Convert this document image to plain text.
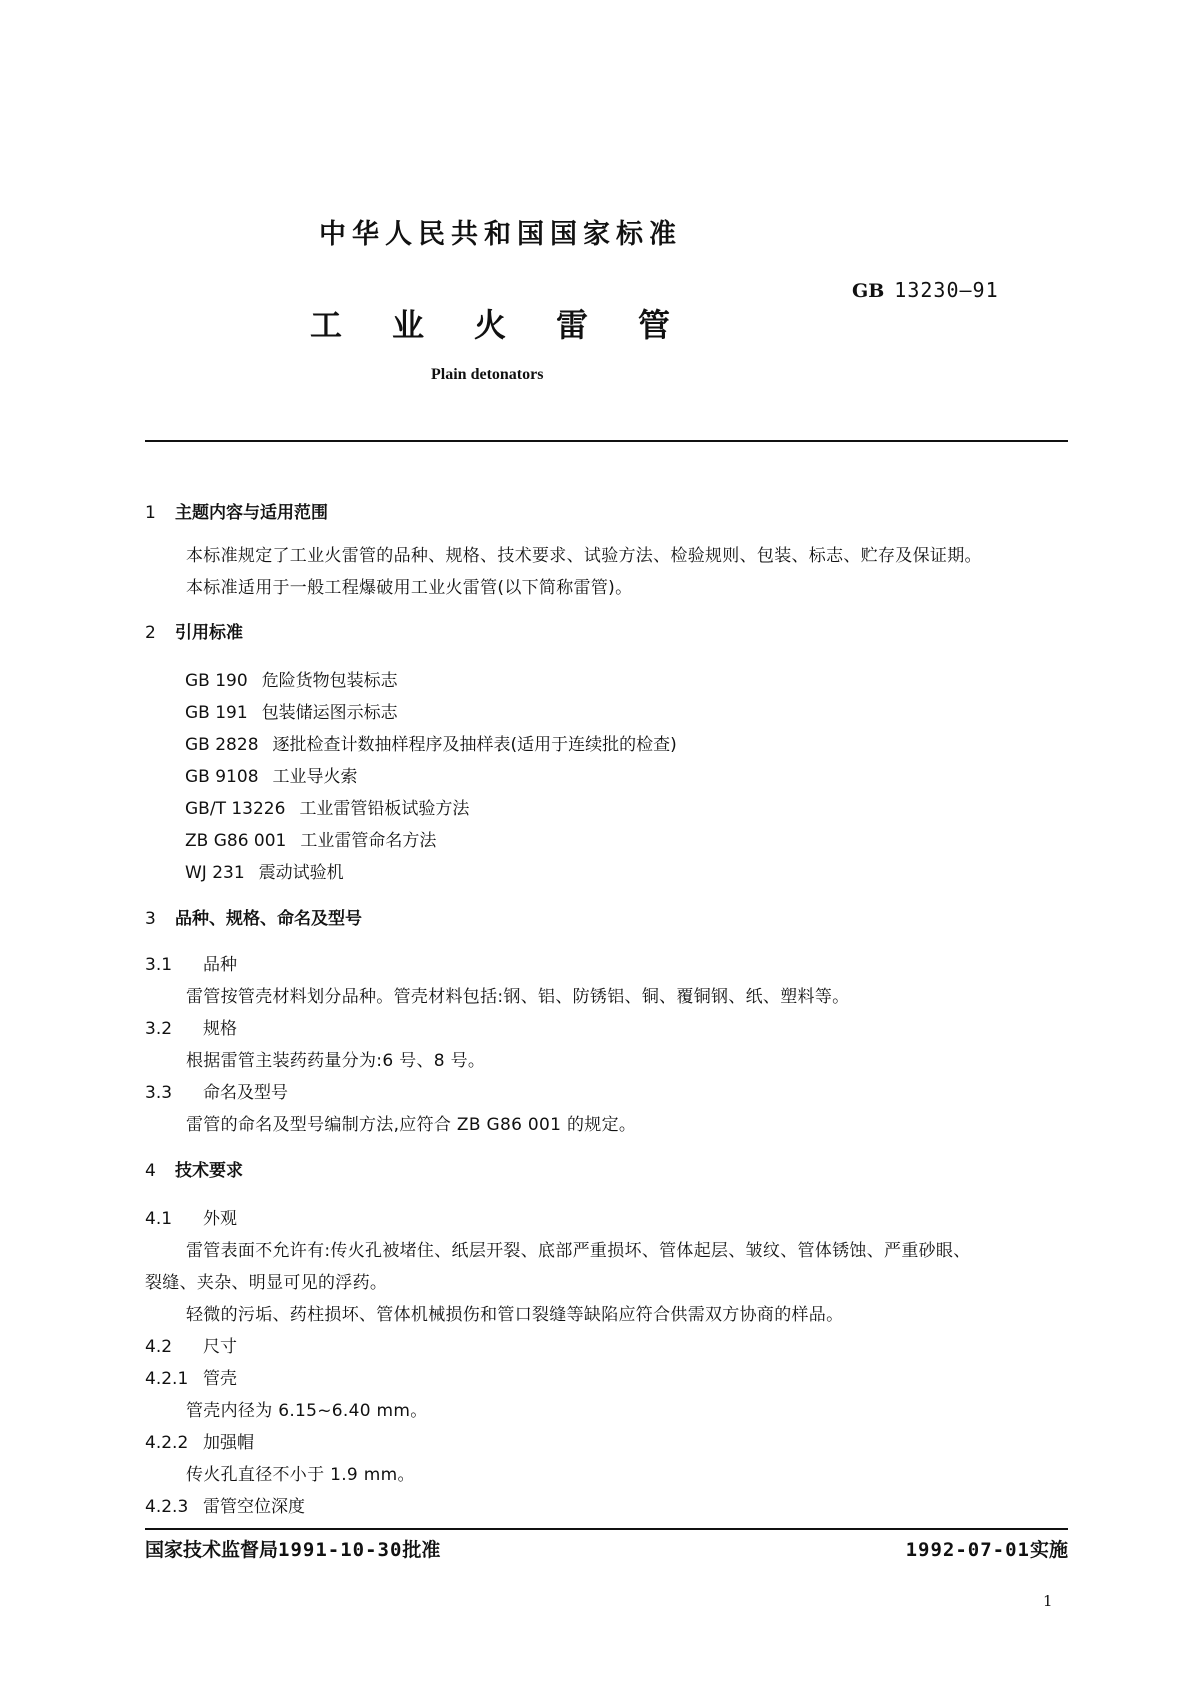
中华人民共和国国家标准
GB 13230—91
工业火雷管
Plain detonators
1 主题内容与适用范围
本标准规定了工业火雷管的品种、规格、技术要求、试验方法、检验规则、包装、标志、贮存及保证期。
本标准适用于一般工程爆破用工业火雷管(以下简称雷管)。
2 引用标准
GB 190 危险货物包装标志
GB 191 包装储运图示标志
GB 2828 逐批检查计数抽样程序及抽样表(适用于连续批的检查)
GB 9108 工业导火索
GB/T 13226 工业雷管铅板试验方法
ZB G86 001 工业雷管命名方法
WJ 231 震动试验机
3 品种、规格、命名及型号
3.1 品种
雷管按管壳材料划分品种。管壳材料包括:钢、铝、防锈铝、铜、覆铜钢、纸、塑料等。
3.2 规格
根据雷管主装药药量分为:6 号、8 号。
3.3 命名及型号
雷管的命名及型号编制方法,应符合 ZB G86 001 的规定。
4 技术要求
4.1 外观
雷管表面不允许有:传火孔被堵住、纸层开裂、底部严重损坏、管体起层、皱纹、管体锈蚀、严重砂眼、
裂缝、夹杂、明显可见的浮药。
轻微的污垢、药柱损坏、管体机械损伤和管口裂缝等缺陷应符合供需双方协商的样品。
4.2 尺寸
4.2.1 管壳
管壳内径为 6.15~6.40 mm。
4.2.2 加强帽
传火孔直径不小于 1.9 mm。
4.2.3 雷管空位深度
国家技术监督局1991-10-30批准	1992-07-01实施
1
